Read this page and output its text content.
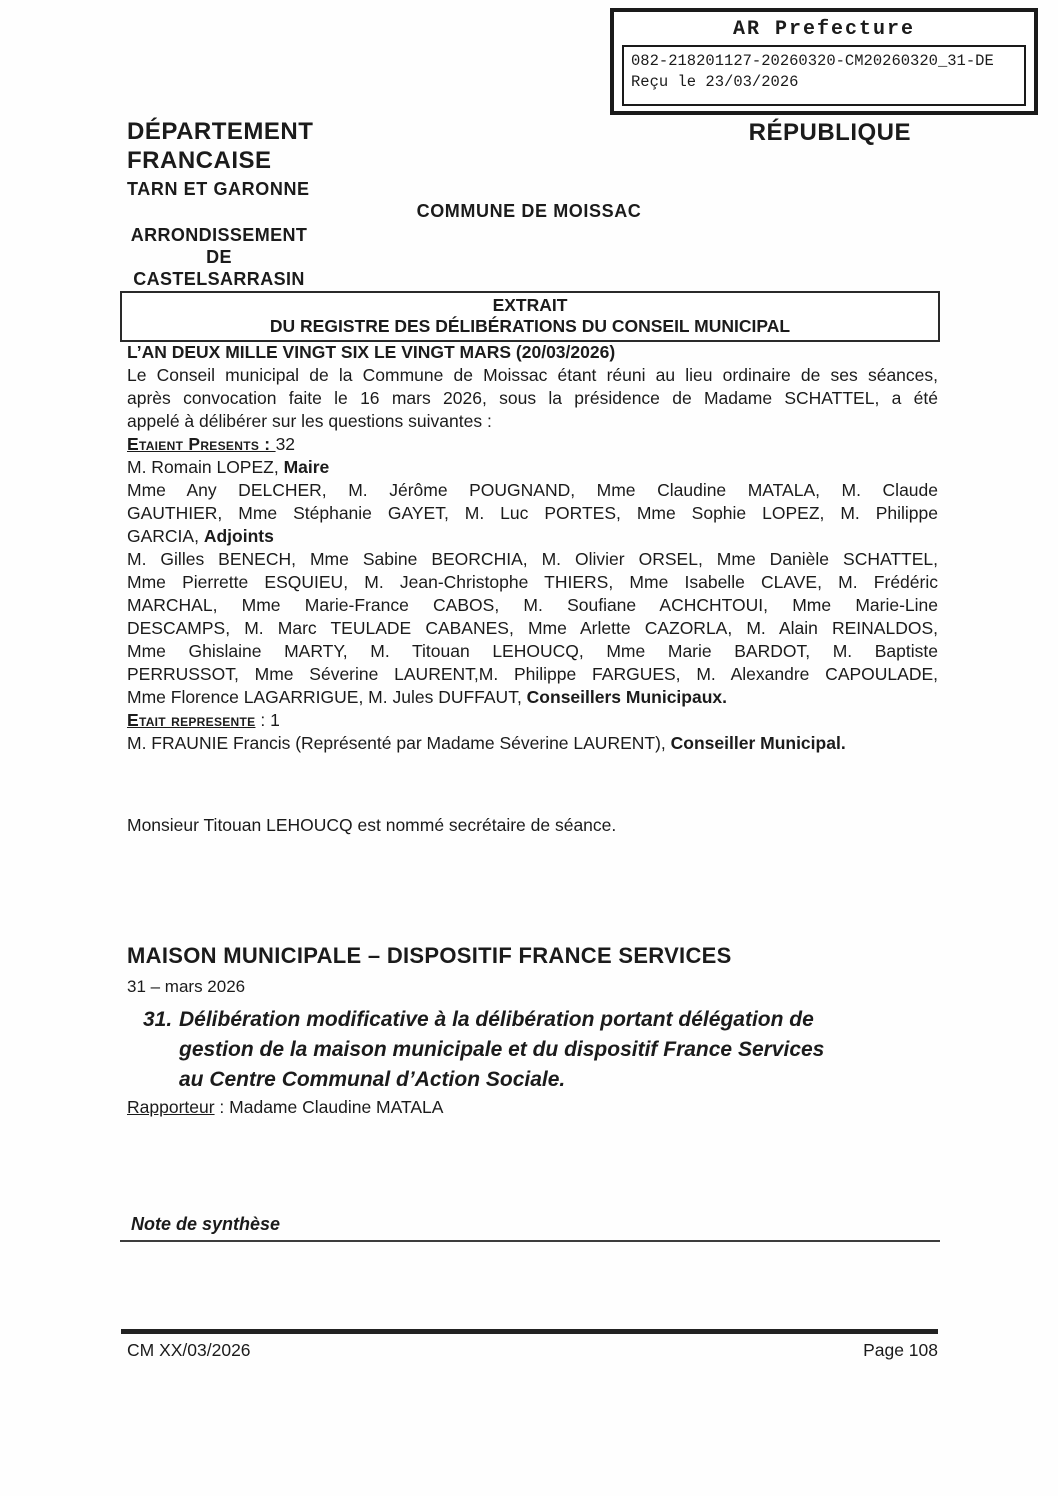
AR Prefecture
082-218201127-20260320-CM20260320_31-DE
Reçu le 23/03/2026
DÉPARTEMENT
FRANCAISE
TARN ET GARONNE
RÉPUBLIQUE
COMMUNE DE MOISSAC
ARRONDISSEMENT
DE
CASTELSARRASIN
EXTRAIT
DU REGISTRE DES DÉLIBÉRATIONS DU CONSEIL MUNICIPAL
L’AN DEUX MILLE VINGT SIX LE VINGT MARS (20/03/2026)
Le Conseil municipal de la Commune de Moissac étant réuni au lieu ordinaire de ses séances,
après convocation faite le 16 mars 2026, sous la présidence de Madame SCHATTEL, a été
appelé à délibérer sur les questions suivantes :
Etaient Presents : 32
M. Romain LOPEZ, Maire
Mme Any DELCHER, M. Jérôme POUGNAND, Mme Claudine MATALA, M. Claude
GAUTHIER, Mme Stéphanie GAYET, M. Luc PORTES, Mme Sophie LOPEZ, M. Philippe
GARCIA, Adjoints
M. Gilles BENECH, Mme Sabine BEORCHIA, M. Olivier ORSEL, Mme Danièle SCHATTEL,
Mme Pierrette ESQUIEU, M. Jean-Christophe THIERS, Mme Isabelle CLAVE, M. Frédéric
MARCHAL, Mme Marie-France CABOS, M. Soufiane ACHCHTOUI, Mme Marie-Line
DESCAMPS, M. Marc TEULADE CABANES, Mme Arlette CAZORLA, M. Alain REINALDOS,
Mme Ghislaine MARTY, M. Titouan LEHOUCQ, Mme Marie BARDOT, M. Baptiste
PERRUSSOT, Mme Séverine LAURENT,M. Philippe FARGUES, M. Alexandre CAPOULADE,
Mme Florence LAGARRIGUE, M. Jules DUFFAUT, Conseillers Municipaux.
Etait represente : 1
M. FRAUNIE Francis (Représenté par Madame Séverine LAURENT), Conseiller Municipal.
Monsieur Titouan LEHOUCQ est nommé secrétaire de séance.
MAISON MUNICIPALE – DISPOSITIF FRANCE SERVICES
31 – mars 2026
31. Délibération modificative à la délibération portant délégation de
gestion de la maison municipale et du dispositif France Services
au Centre Communal d’Action Sociale.
Rapporteur : Madame Claudine MATALA
Note de synthèse
CM XX/03/2026	Page 108
